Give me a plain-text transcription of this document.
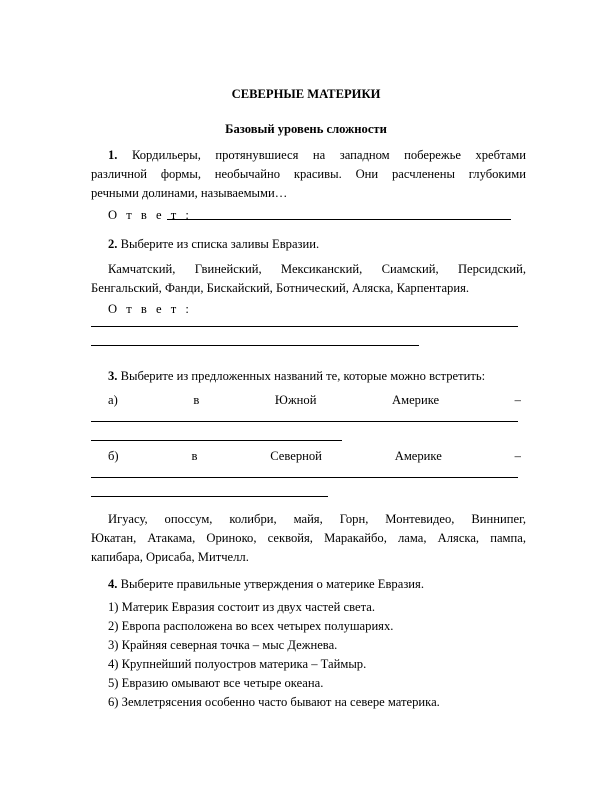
СЕВЕРНЫЕ МАТЕРИКИ
Базовый уровень сложности
1. Кордильеры, протянувшиеся на западном побережье хребтами
различной формы, необычайно красивы. Они расчленены глубокими
речными долинами, называемыми…
О т в е т :
2. Выберите из списка заливы Евразии.
Камчатский, Гвинейский, Мексиканский, Сиамский, Персидский,
Бенгальский, Фанди, Бискайский, Ботнический, Аляска, Карпентария.
О т в е т :
3. Выберите из предложенных названий те, которые можно встретить:
а)	в	Южной	Америке	–
б)	в	Северной	Америке	–
Игуасу, опоссум, колибри, майя, Горн, Монтевидео, Виннипег,
Юкатан, Атакама, Ориноко, секвойя, Маракайбо, лама, Аляска, пампа,
капибара, Орисаба, Митчелл.
4. Выберите правильные утверждения о материке Евразия.
1) Материк Евразия состоит из двух частей света.
2) Европа расположена во всех четырех полушариях.
3) Крайняя северная точка – мыс Дежнева.
4) Крупнейший полуостров материка – Таймыр.
5) Евразию омывают все четыре океана.
6) Землетрясения особенно часто бывают на севере материка.
